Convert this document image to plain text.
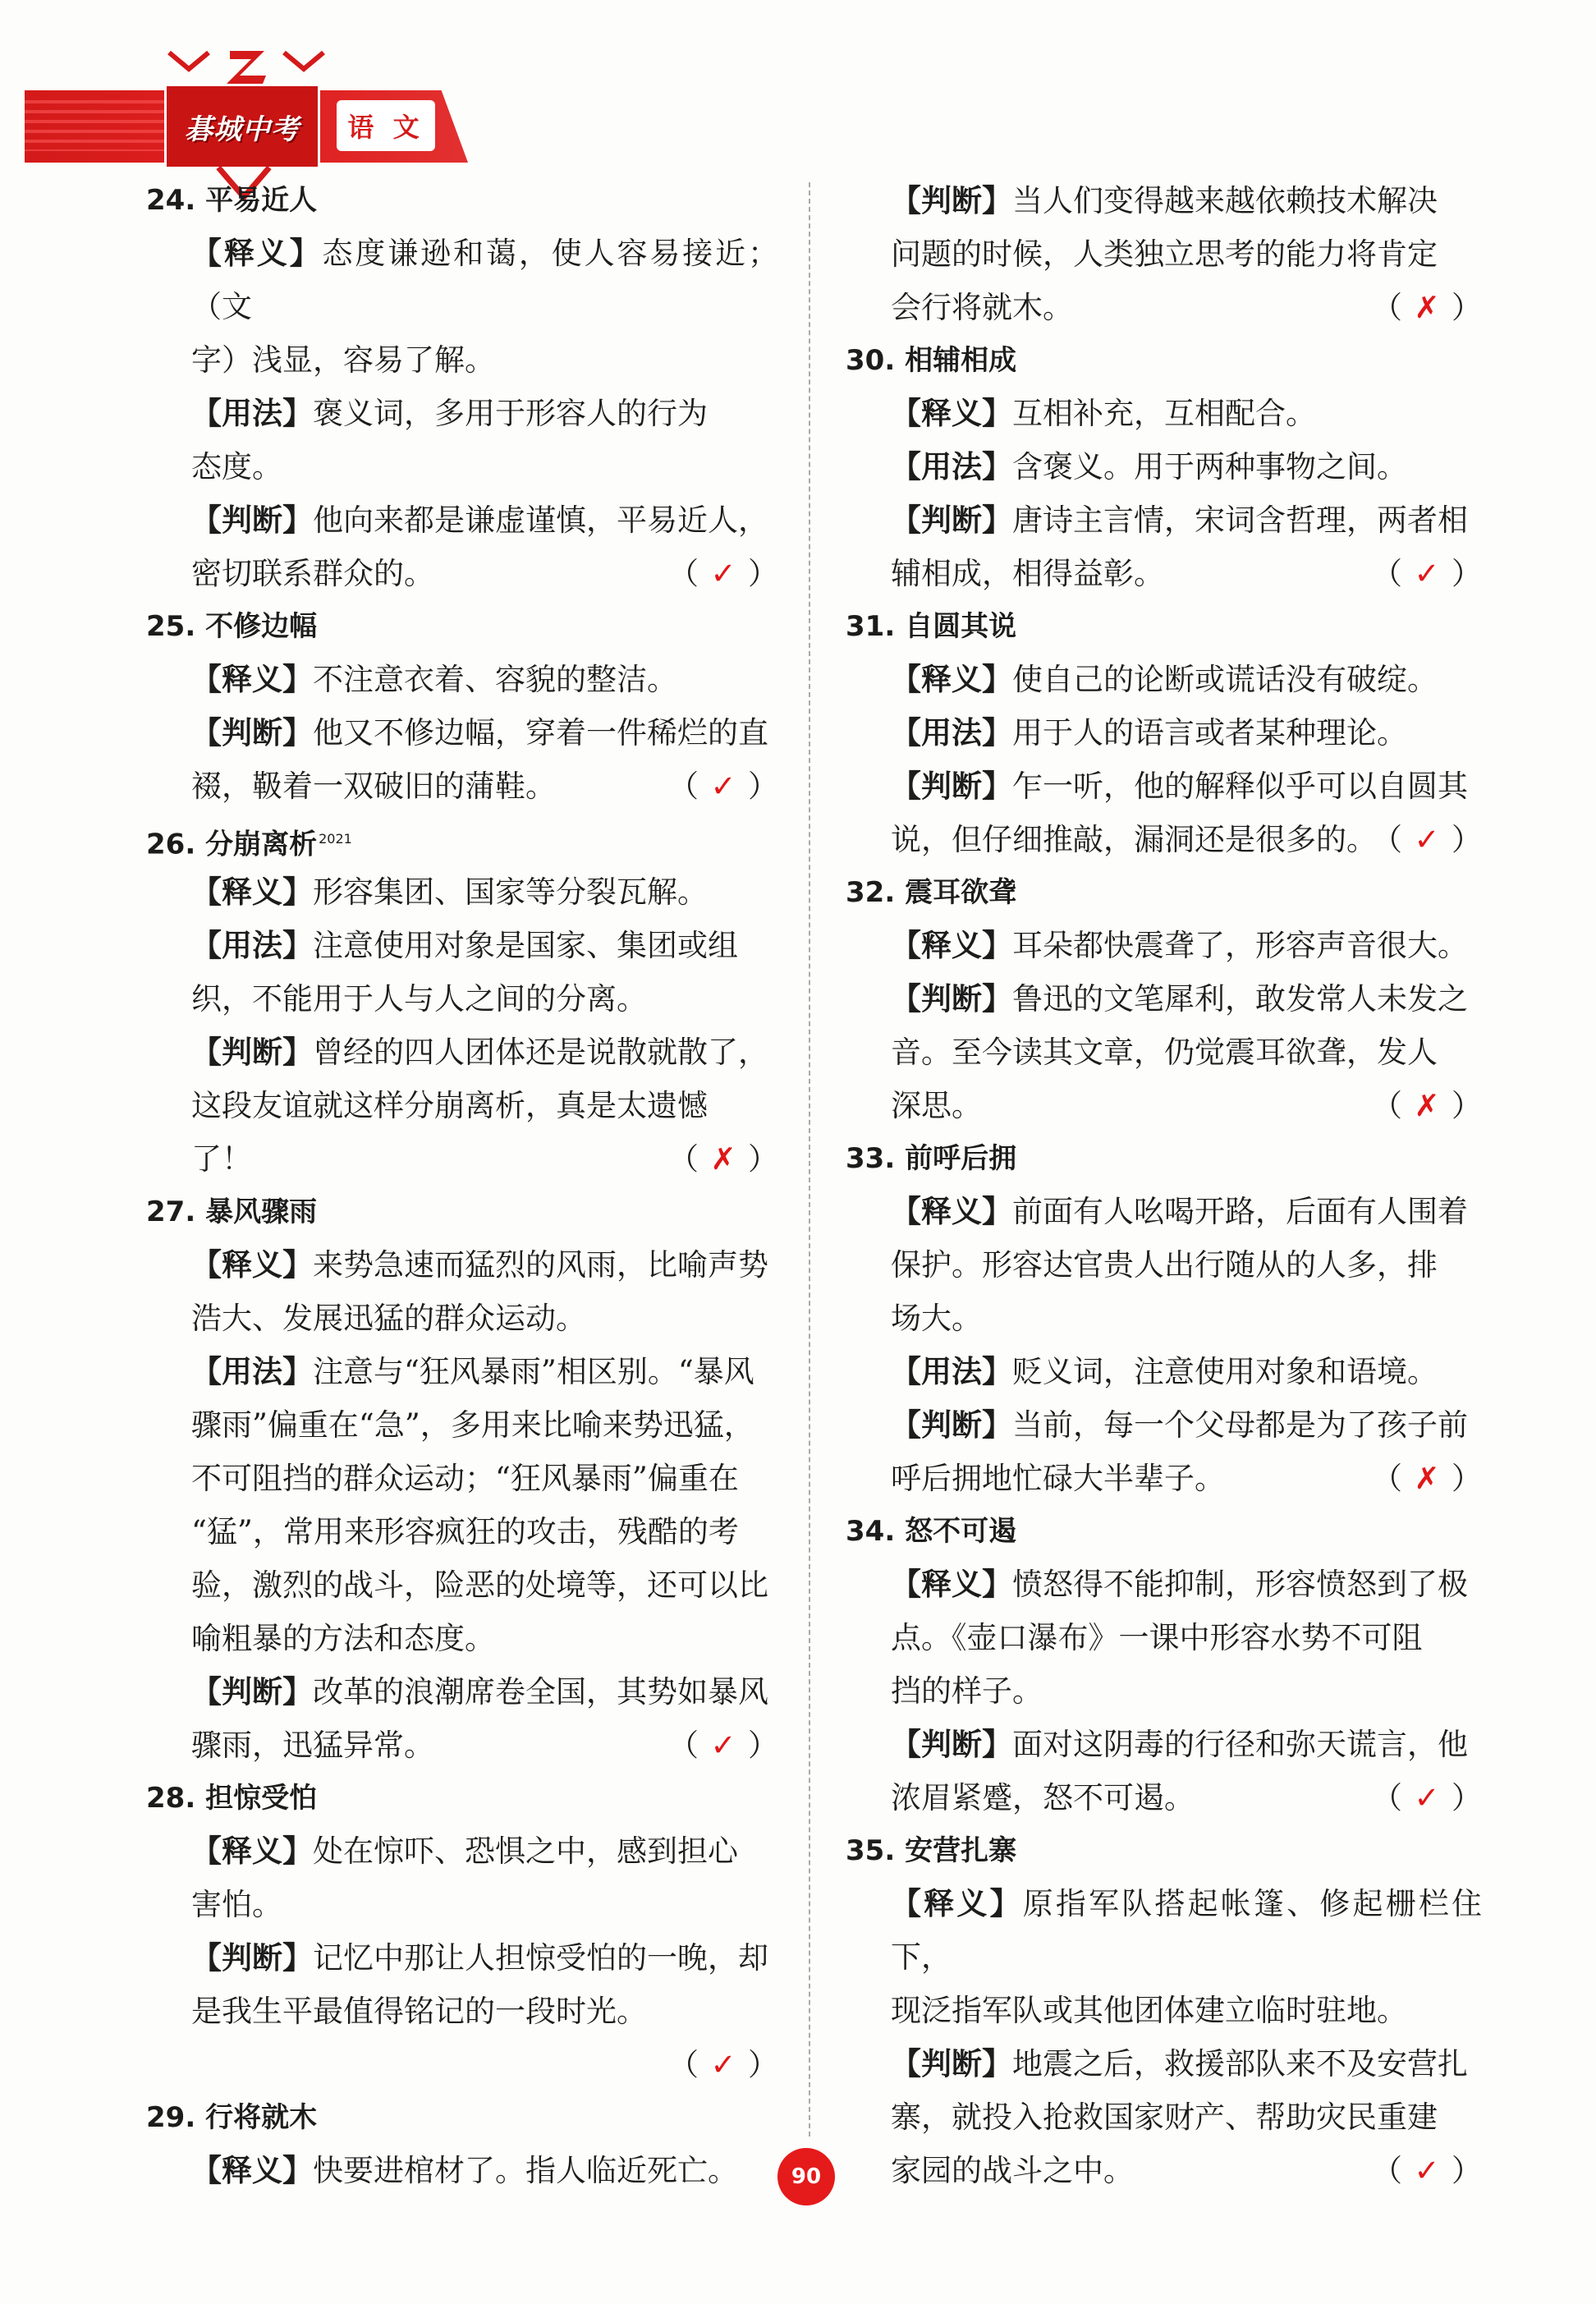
碁城中考 语 文
24. 平易近人
【释义】态度谦逊和蔼，使人容易接近；（文
字）浅显，容易了解。
【用法】褒义词，多用于形容人的行为
态度。
【判断】他向来都是谦虚谨慎，平易近人，
密切联系群众的。	（ ✓ ）
25. 不修边幅
【释义】不注意衣着、容貌的整洁。
【判断】他又不修边幅，穿着一件稀烂的直
裰，靸着一双破旧的蒲鞋。	（ ✓ ）
26. 分崩离析 $^{2021}$
【释义】形容集团、国家等分裂瓦解。
【用法】注意使用对象是国家、集团或组
织，不能用于人与人之间的分离。
【判断】曾经的四人团体还是说散就散了，
这段友谊就这样分崩离析，真是太遗憾
了！	（ ✗ ）
27. 暴风骤雨
【释义】来势急速而猛烈的风雨，比喻声势
浩大、发展迅猛的群众运动。
【用法】注意与“狂风暴雨”相区别。“暴风
骤雨”偏重在“急”，多用来比喻来势迅猛，
不可阻挡的群众运动；“狂风暴雨”偏重在
“猛”，常用来形容疯狂的攻击，残酷的考
验，激烈的战斗，险恶的处境等，还可以比
喻粗暴的方法和态度。
【判断】改革的浪潮席卷全国，其势如暴风
骤雨，迅猛异常。	（ ✓ ）
28. 担惊受怕
【释义】处在惊吓、恐惧之中，感到担心
害怕。
【判断】记忆中那让人担惊受怕的一晚，却
是我生平最值得铭记的一段时光。

（ ✓ ）
29. 行将就木
【释义】快要进棺材了。指人临近死亡。
【判断】当人们变得越来越依赖技术解决
问题的时候，人类独立思考的能力将肯定
会行将就木。	（ ✗ ）
30. 相辅相成
【释义】互相补充，互相配合。
【用法】含褒义。用于两种事物之间。
【判断】唐诗主言情，宋词含哲理，两者相
辅相成，相得益彰。	（ ✓ ）
31. 自圆其说
【释义】使自己的论断或谎话没有破绽。
【用法】用于人的语言或者某种理论。
【判断】乍一听，他的解释似乎可以自圆其
说，但仔细推敲，漏洞还是很多的。
（ ✓ ）
32. 震耳欲聋
【释义】耳朵都快震聋了，形容声音很大。
【判断】鲁迅的文笔犀利，敢发常人未发之
音。至今读其文章，仍觉震耳欲聋，发人
深思。	（ ✗ ）
33. 前呼后拥
【释义】前面有人吆喝开路，后面有人围着
保护。形容达官贵人出行随从的人多，排
场大。
【用法】贬义词，注意使用对象和语境。
【判断】当前，每一个父母都是为了孩子前
呼后拥地忙碌大半辈子。	（ ✗ ）
34. 怒不可遏
【释义】愤怒得不能抑制，形容愤怒到了极
点。《壶口瀑布》一课中形容水势不可阻
挡的样子。
【判断】面对这阴毒的行径和弥天谎言，他
浓眉紧蹙，怒不可遏。	（ ✓ ）
35. 安营扎寨
【释义】原指军队搭起帐篷、修起栅栏住下，
现泛指军队或其他团体建立临时驻地。
【判断】地震之后，救援部队来不及安营扎
寨，就投入抢救国家财产、帮助灾民重建
家园的战斗之中。	（ ✓ ）
90
